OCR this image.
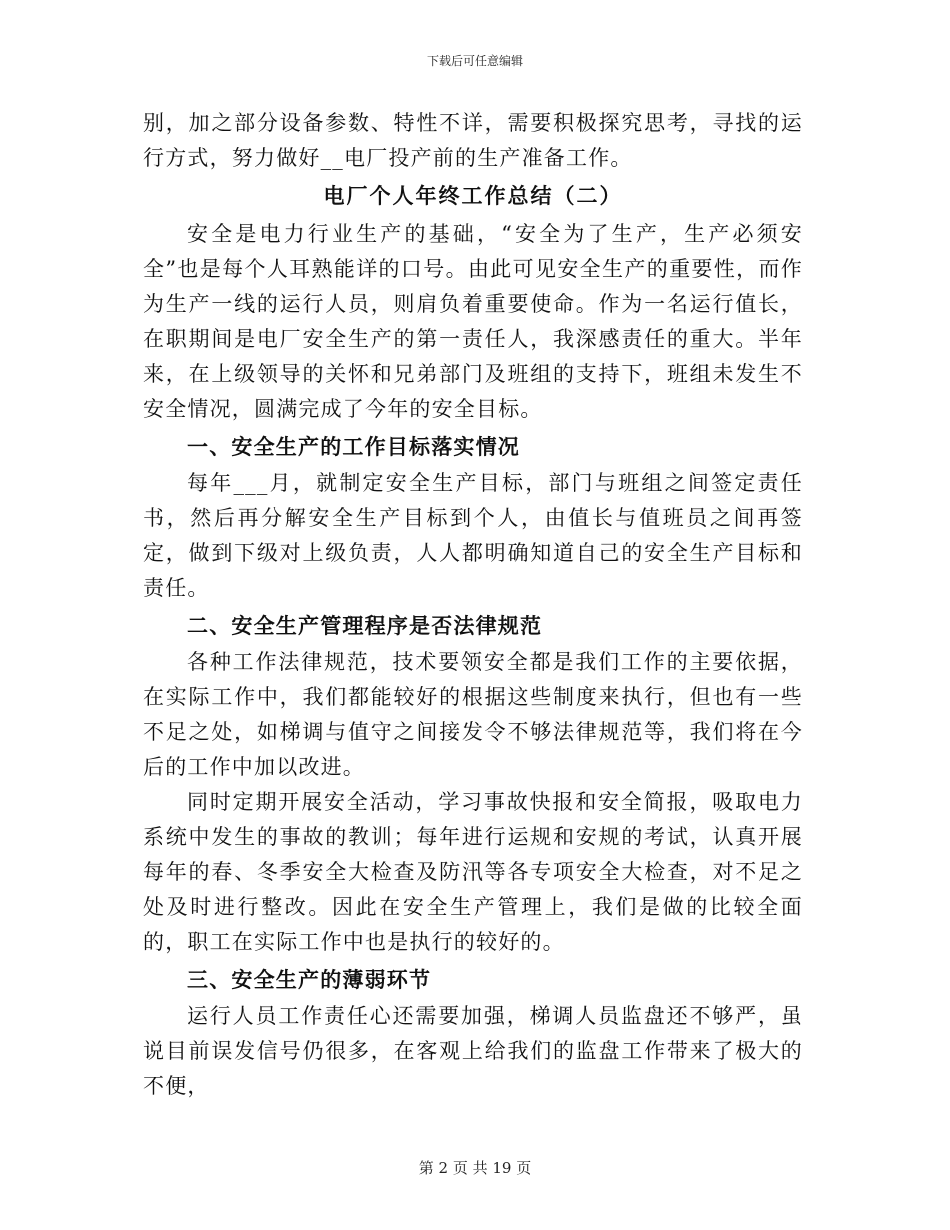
下载后可任意编辑

别，加之部分设备参数、特性不详，需要积极探究思考，寻找的运行方式，努力做好__电厂投产前的生产准备工作。

电厂个人年终工作总结（二）

安全是电力行业生产的基础，“安全为了生产，生产必须安全”也是每个人耳熟能详的口号。由此可见安全生产的重要性，而作为生产一线的运行人员，则肩负着重要使命。作为一名运行值长，在职期间是电厂安全生产的第一责任人，我深感责任的重大。半年来，在上级领导的关怀和兄弟部门及班组的支持下，班组未发生不安全情况，圆满完成了今年的安全目标。

一、安全生产的工作目标落实情况

每年___月，就制定安全生产目标，部门与班组之间签定责任书，然后再分解安全生产目标到个人，由值长与值班员之间再签定，做到下级对上级负责，人人都明确知道自己的安全生产目标和责任。

二、安全生产管理程序是否法律规范

各种工作法律规范，技术要领安全都是我们工作的主要依据，在实际工作中，我们都能较好的根据这些制度来执行，但也有一些不足之处，如梯调与值守之间接发令不够法律规范等，我们将在今后的工作中加以改进。

同时定期开展安全活动，学习事故快报和安全简报，吸取电力系统中发生的事故的教训；每年进行运规和安规的考试，认真开展每年的春、冬季安全大检查及防汛等各专项安全大检查，对不足之处及时进行整改。因此在安全生产管理上，我们是做的比较全面的，职工在实际工作中也是执行的较好的。

三、安全生产的薄弱环节

运行人员工作责任心还需要加强，梯调人员监盘还不够严，虽说目前误发信号仍很多，在客观上给我们的监盘工作带来了极大的不便，

第 2 页 共 19 页
